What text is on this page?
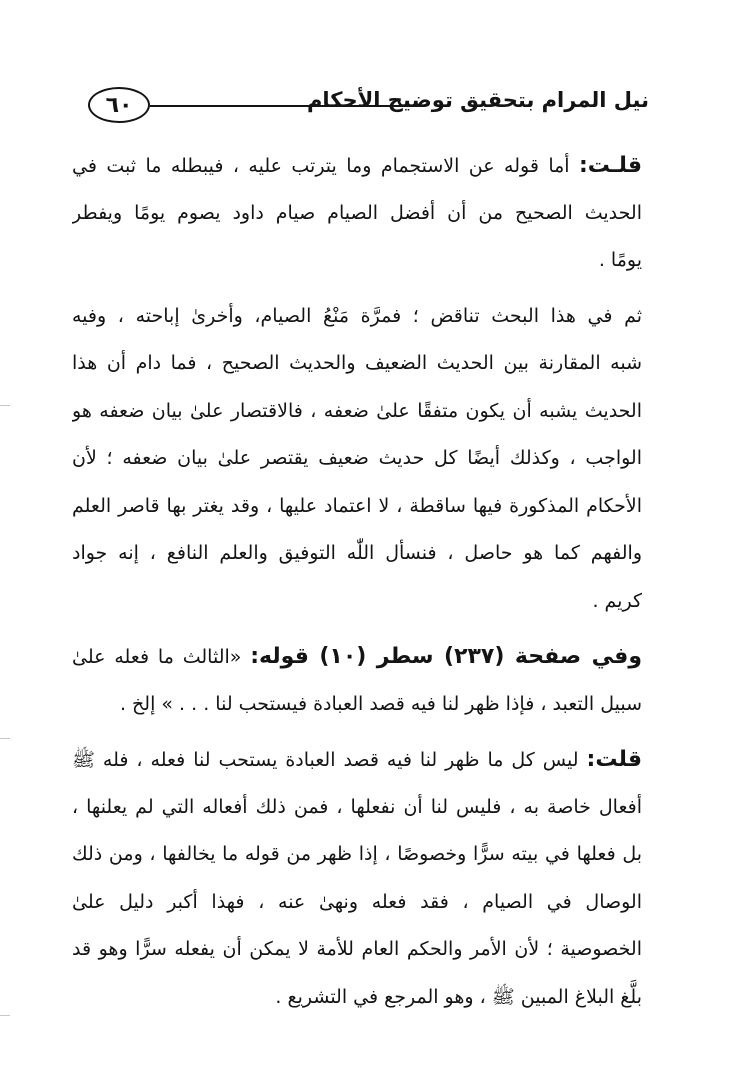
٦٠	نيل المرام بتحقيق توضيح الأحكام
قلـت: أما قوله عن الاستجمام وما يترتب عليه ، فيبطله ما ثبت في
الحديث الصحيح من أن أفضل الصيام صيام داود يصوم يومًا ويفطر
يومًا .
ثم في هذا البحث تناقض ؛ فمرَّة مَنْعُ الصيام، وأخرىٰ إباحته ، وفيه
شبه المقارنة بين الحديث الضعيف والحديث الصحيح ، فما دام أن هذا
الحديث يشبه أن يكون متفقًا علىٰ ضعفه ، فالاقتصار علىٰ بيان ضعفه هو
الواجب ، وكذلك أيضًا كل حديث ضعيف يقتصر علىٰ بيان ضعفه ؛ لأن
الأحكام المذكورة فيها ساقطة ، لا اعتماد عليها ، وقد يغتر بها قاصر العلم
والفهم كما هو حاصل ، فنسأل اللّٰه التوفيق والعلم النافع ، إنه جواد
كريم .
وفي صفحة (٢٣٧) سطر (١٠) قوله: «الثالث ما فعله علىٰ
سبيل التعبد ، فإذا ظهر لنا فيه قصد العبادة فيستحب لنا . . . » إلخ .
قلت: ليس كل ما ظهر لنا فيه قصد العبادة يستحب لنا فعله ، فله ﷺ
أفعال خاصة به ، فليس لنا أن نفعلها ، فمن ذلك أفعاله التي لم يعلنها ،
بل فعلها في بيته سرًّا وخصوصًا ، إذا ظهر من قوله ما يخالفها ، ومن ذلك
الوصال في الصيام ، فقد فعله ونهىٰ عنه ، فهذا أكبر دليل علىٰ
الخصوصية ؛ لأن الأمر والحكم العام للأمة لا يمكن أن يفعله سرًّا وهو قد
بلَّغ البلاغ المبين ﷺ ، وهو المرجع في التشريع .
